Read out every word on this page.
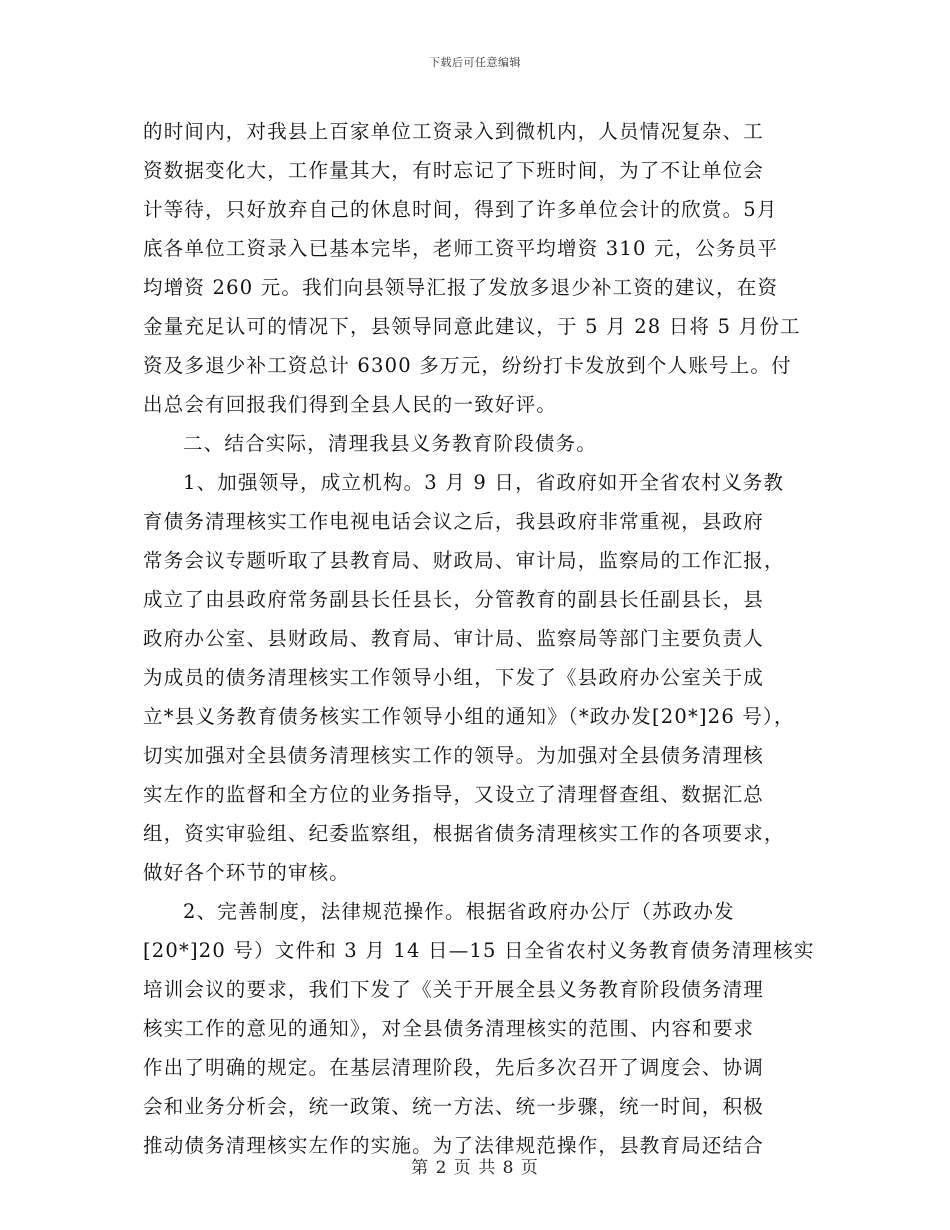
下载后可任意编辑
的时间内，对我县上百家单位工资录入到微机内，人员情况复杂、工
资数据变化大，工作量其大，有时忘记了下班时间，为了不让单位会
计等待，只好放弃自己的休息时间，得到了许多单位会计的欣赏。5月
底各单位工资录入已基本完毕，老师工资平均增资 310 元，公务员平
均增资 260 元。我们向县领导汇报了发放多退少补工资的建议，在资
金量充足认可的情况下，县领导同意此建议，于 5 月 28 日将 5 月份工
资及多退少补工资总计 6300 多万元，纷纷打卡发放到个人账号上。付
出总会有回报我们得到全县人民的一致好评。
二、结合实际，清理我县义务教育阶段债务。
1、加强领导，成立机构。3 月 9 日，省政府如开全省农村义务教
育债务清理核实工作电视电话会议之后，我县政府非常重视，县政府
常务会议专题听取了县教育局、财政局、审计局，监察局的工作汇报，
成立了由县政府常务副县长任县长，分管教育的副县长任副县长，县
政府办公室、县财政局、教育局、审计局、监察局等部门主要负责人
为成员的债务清理核实工作领导小组，下发了《县政府办公室关于成
立*县义务教育债务核实工作领导小组的通知》（*政办发[20*]26 号），
切实加强对全县债务清理核实工作的领导。为加强对全县债务清理核
实左作的监督和全方位的业务指导，又设立了清理督查组、数据汇总
组，资实审验组、纪委监察组，根据省债务清理核实工作的各项要求，
做好各个环节的审核。
2、完善制度，法律规范操作。根据省政府办公厅（苏政办发
[20*]20 号）文件和 3 月 14 日—15 日全省农村义务教育债务清理核实
培训会议的要求，我们下发了《关于开展全县义务教育阶段债务清理
核实工作的意见的通知》，对全县债务清理核实的范围、内容和要求
作出了明确的规定。在基层清理阶段，先后多次召开了调度会、协调
会和业务分析会，统一政策、统一方法、统一步骤，统一时间，积极
推动债务清理核实左作的实施。为了法律规范操作，县教育局还结合
第 2 页 共 8 页
